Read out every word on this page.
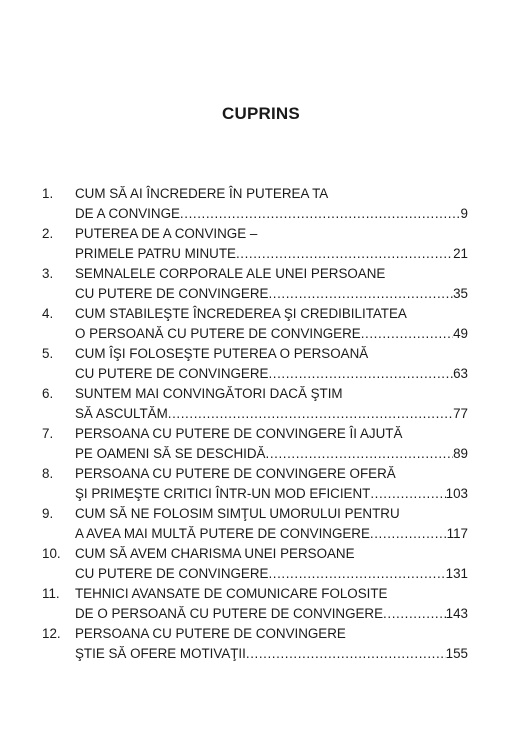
CUPRINS
1.	CUM SĂ AI ÎNCREDERE ÎN PUTEREA TA
DE A CONVINGE .....	9
2.	PUTEREA DE A CONVINGE –
PRIMELE PATRU MINUTE .....	21
3.	SEMNALELE CORPORALE ALE UNEI PERSOANE
CU PUTERE DE CONVINGERE .....	35
4.	CUM STABILEŞTE ÎNCREDEREA ŞI CREDIBILITATEA
O PERSOANĂ CU PUTERE DE CONVINGERE .....	49
5.	CUM ÎŞI FOLOSEŞTE PUTEREA O PERSOANĂ
CU PUTERE DE CONVINGERE .....	63
6.	SUNTEM MAI CONVINGĂTORI DACĂ ŞTIM
SĂ ASCULTĂM .....	77
7.	PERSOANA CU PUTERE DE CONVINGERE ÎI AJUTĂ
PE OAMENI SĂ SE DESCHIDĂ .....	89
8.	PERSOANA CU PUTERE DE CONVINGERE OFERĂ
ŞI PRIMEŞTE CRITICI ÎNTR-UN MOD EFICIENT .....	103
9.	CUM SĂ NE FOLOSIM SIMŢUL UMORULUI PENTRU
A AVEA MAI MULTĂ PUTERE DE CONVINGERE .....	117
10.	CUM SĂ AVEM CHARISMA UNEI PERSOANE
CU PUTERE DE CONVINGERE .....	131
11.	TEHNICI AVANSATE DE COMUNICARE FOLOSITE
DE O PERSOANĂ CU PUTERE DE CONVINGERE .....	143
12.	PERSOANA CU PUTERE DE CONVINGERE
ŞTIE SĂ OFERE MOTIVAŢII .....	155
